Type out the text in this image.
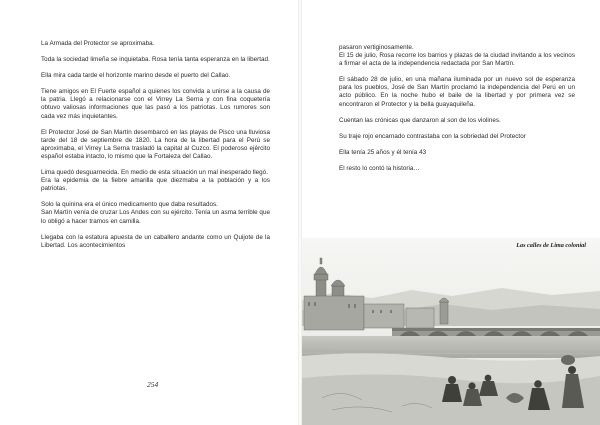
La Armada del Protector se aproximaba.

Toda la sociedad limeña se inquietaba. Rosa tenía tanta esperanza en la libertad.

Ella mira cada tarde el horizonte marino desde el puerto del Callao.

Tiene amigos en El Fuerte español a quienes los convida a unirse a la causa de la patria. Llegó a relacionarse con el Virrey La Serna y con fina coquetería obtuvo valiosas informaciones que las pasó a los patriotas. Los rumores son cada vez más inquietantes.

El Protector José de San Martín desembarcó en las playas de Pisco una lluviosa tarde del 18 de septiembre de 1820. La hora de la libertad para el Perú se aproximaba, el Virrey La Serna trasladó la capital al Cuzco. El poderoso ejército español estaba intacto, lo mismo que la Fortaleza del Callao.

Lima quedó desguarnecida. En medio de esta situación un mal inesperado llegó.

Era la epidemia de la fiebre amarilla que diezmaba a la población y a los patriotas.

Solo la quinina era el único medicamento que daba resultados.

San Martín venía de cruzar Los Andes con su ejército. Tenía un asma terrible que lo obligó a hacer tramos en camilla.

Llegaba con la estatura apuesta de un caballero andante como un Quijote de la Libertad. Los acontecimientos

254

pasaron vertiginosamente.

El 15 de julio, Rosa recorre los barrios y plazas de la ciudad invitando a los vecinos a firmar el acta de la independencia redactada por San Martín.

El sábado 28 de julio, en una mañana iluminada por un nuevo sol de esperanza para los pueblos, José de San Martín proclamó la independencia del Perú en un acto público. En la noche hubo el baile de la libertad y por primera vez se encontraron el Protector y la bella guayaquileña.

Cuentan las crónicas que danzaron al son de los violines.

Su traje rojo encarnado contrastaba con la sobriedad del Protector

Ella tenía 25 años y él tenía 43

El resto lo contó la historia…

Las calles de Lima colonial
